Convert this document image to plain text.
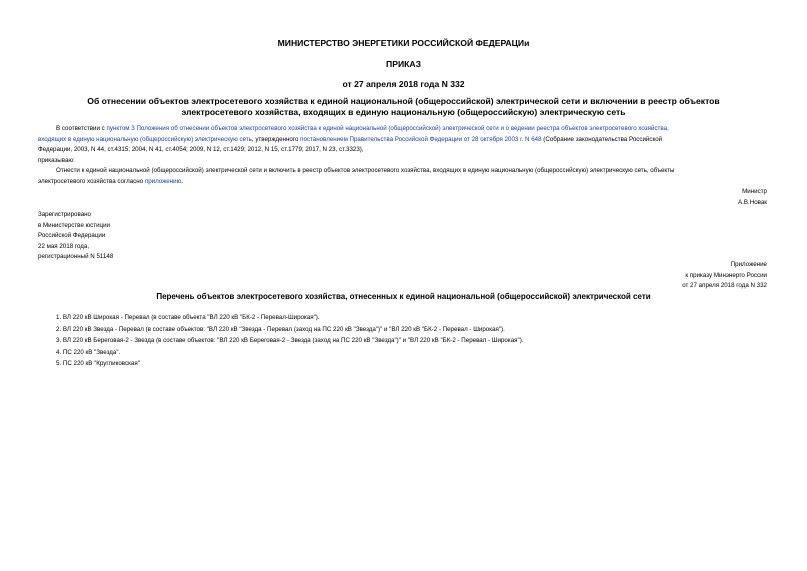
МИНИСТЕРСТВО ЭНЕРГЕТИКИ РОССИЙСКОЙ ФЕДЕРАЦИи
ПРИКАЗ
от 27 апреля 2018 года N 332
Об отнесении объектов электросетевого хозяйства к единой национальной (общероссийской) электрической сети и включении в реестр объектов
электросетевого хозяйства, входящих в единую национальную (общероссийскую) электрическую сеть
В соответствии с пунктом 3 Положения об отнесении объектов электросетевого хозяйства к единой национальной (общероссийской) электрической сети и о ведении реестра объектов электросетевого хозяйства,
входящих в единую национальную (общероссийскую) электрическую сеть, утвержденного постановлением Правительства Российской Федерации от 28 октября 2003 г. N 648 (Собрание законодательства Российской
Федерации, 2003, N 44, ст.4315; 2004, N 41, ст.4054; 2009, N 12, ст.1429; 2012, N 15, ст.1779; 2017, N 23, ст.3323),
приказываю:
Отнести к единой национальной (общероссийской) электрической сети и включить в реестр объектов электросетевого хозяйства, входящих в единую национальную (общероссийскую) электрическую сеть, объекты
электросетевого хозяйства согласно приложению.
Министр
А.В.Новак
Зарегистрировано
в Министерстве юстиции
Российской Федерации
22 мая 2018 года,
регистрационный N 51148
Приложение
к приказу Минэнерго России
от 27 апреля 2018 года N 332
Перечень объектов электросетевого хозяйства, отнесенных к единой национальной (общероссийской) электрической сети
1. ВЛ 220 кВ Широкая - Перевал (в составе объекта "ВЛ 220 кВ "БК-2 - Перевал-Широкая").
2. ВЛ 220 кВ Звезда - Перевал (в составе объектов: "ВЛ 220 кВ "Звезда - Перевал (заход на ПС 220 кВ "Звезда")" и "ВЛ 220 кВ "БК-2 - Перевал - Широкая").
3. ВЛ 220 кВ Береговая-2 - Звезда (в составе объектов: "ВЛ 220 кВ Береговая-2 - Звезда (заход на ПС 220 кВ "Звезда")" и "ВЛ 220 кВ "БК-2 - Перевал - Широкая").
4. ПС 220 кВ "Звезда".
5. ПС 220 кВ "Кругликовская"
